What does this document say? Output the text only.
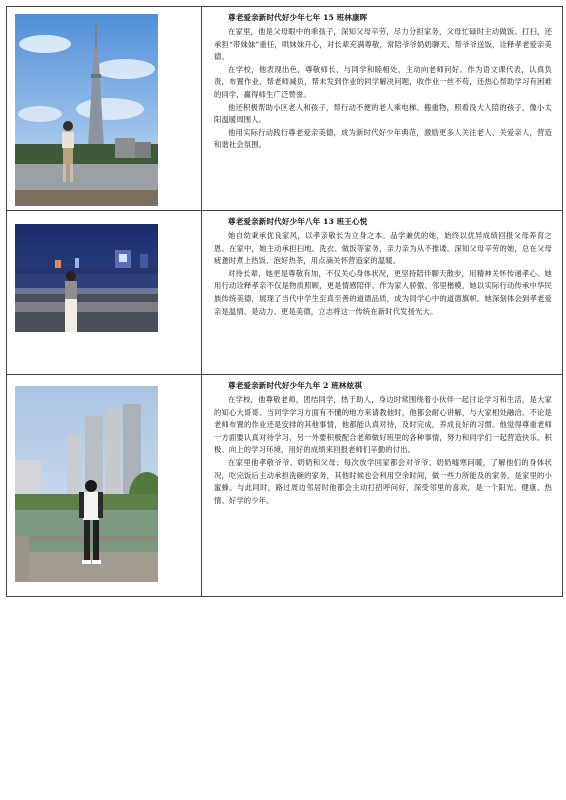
尊老爱亲新时代好少年七年 15 班林康晖

在家里，他是父母眼中的乖孩子，深知父母辛劳，尽力分担家务，父母忙碌时主动做饭、打扫，还承担“带妹妹”重任，哄妹妹开心，对长辈充满尊敬，常陪爷爷奶奶聊天、帮爷爷送饭，诠释孝老爱亲美德。

在学校，他表现出色，尊敬师长，与同学和睦相处，主动向老师问好。作为语文课代表，认真负责，布置作业、帮老师减负，帮未发到作业的同学解决问题，收作业一丝不苟，还热心帮助学习有困难的同学，赢得师生广泛赞誉。

他还积极帮助小区老人和孩子，帮行动不便的老人乘电梯、搬重物，照看没大人陪的孩子，像小太阳温暖周围人。

他用实际行动践行尊老爱亲美德，成为新时代好少年典范，激励更多人关注老人、关爱亲人，营造和谐社会氛围。

尊老爱亲新时代好少年八年 13 班王心悦

她自幼秉承优良家风，以孝亲敬长为立身之本。品学兼优的她，始终以优异成绩回报父母养育之恩。在家中，她主动承担扫地、洗衣、做饭等家务，亲力亲为从不推诿。深知父母辛劳的她，总在父母疲惫时煮上热饭、泡好热茶，用点滴关怀营造家的温暖。

对待长辈，她更是尊敬有加，不仅关心身体状况，更坚持陪伴聊天散步，用精神关怀传递孝心。她用行动诠释孝亲不仅是物质照顾，更是情感陪伴。作为家人骄傲、邻里楷模，她以实际行动传承中华民族传统美德，展现了当代中学生至真至善的道德品质，成为同学心中的道德旗帜。她深刻体会到孝老爱亲是温情、是动力、更是美德，立志将这一传统在新时代发扬光大。

尊老爱亲新时代好少年九年 2 班林炫祺

在学校，他尊敬老师，团结同学，热于助人，身边时常围绕着小伙伴一起讨论学习和生活，是大家的知心大哥哥。当同学学习方面有不懂的地方来请教他时，他都会耐心讲解，与大家相处融洽。不论是老师布置的作业还是安排的其他事情，他都能认真对待，及时完成，养成良好的习惯。他觉得尊重老师一方面要认真对待学习，另一外要积极配合老师做好班里的各种事情，努力和同学们一起营造快乐、积极、向上的学习环境，用好的成绩来回报老师们辛勤的付出。

在家里他孝敬爷爷、奶奶和父母；每次放学回家都会对爷爷、奶奶嘘寒问暖，了解他们的身体状况，吃完饭后主动承担洗碗的家务，其他时候也会利用空余时间，做一些力所能及的家务，是家里的小蜜蜂。与此同时，路过周边邻居时他都会主动打招呼问好，深受邻里的喜欢，是一个阳光、健康、热情、好学的少年。
